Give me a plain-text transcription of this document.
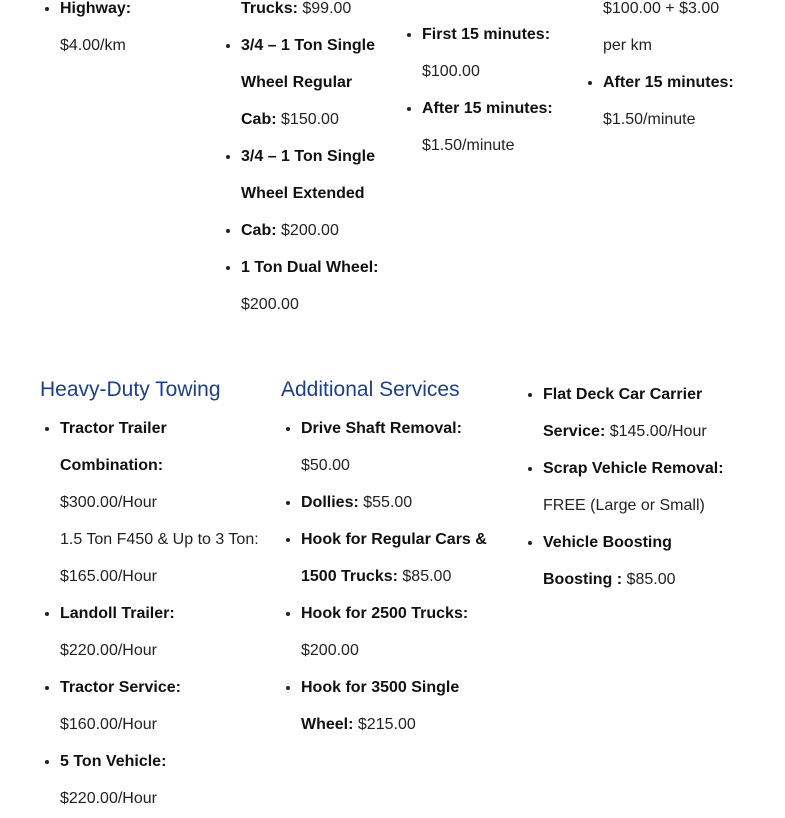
• Highway: $4.00/km
Trucks: $99.00
• 3/4 – 1 Ton Single Wheel Regular Cab: $150.00
• 3/4 – 1 Ton Single Wheel Extended
• Cab: $200.00
• 1 Ton Dual Wheel: $200.00
• First 15 minutes: $100.00
• After 15 minutes: $1.50/minute
$100.00 + $3.00 per km
• After 15 minutes: $1.50/minute
Heavy-Duty Towing	Additional Services
• Tractor Trailer Combination: $300.00/Hour
1.5 Ton F450 & Up to 3 Ton: $165.00/Hour
• Landoll Trailer: $220.00/Hour
• Tractor Service: $160.00/Hour
• 5 Ton Vehicle: $220.00/Hour
• Drive Shaft Removal: $50.00
• Dollies: $55.00
• Hook for Regular Cars & 1500 Trucks: $85.00
• Hook for 2500 Trucks: $200.00
• Hook for 3500 Single Wheel: $215.00
• Flat Deck Car Carrier Service: $145.00/Hour
• Scrap Vehicle Removal: FREE (Large or Small)
• Vehicle Boosting Boosting : $85.00
